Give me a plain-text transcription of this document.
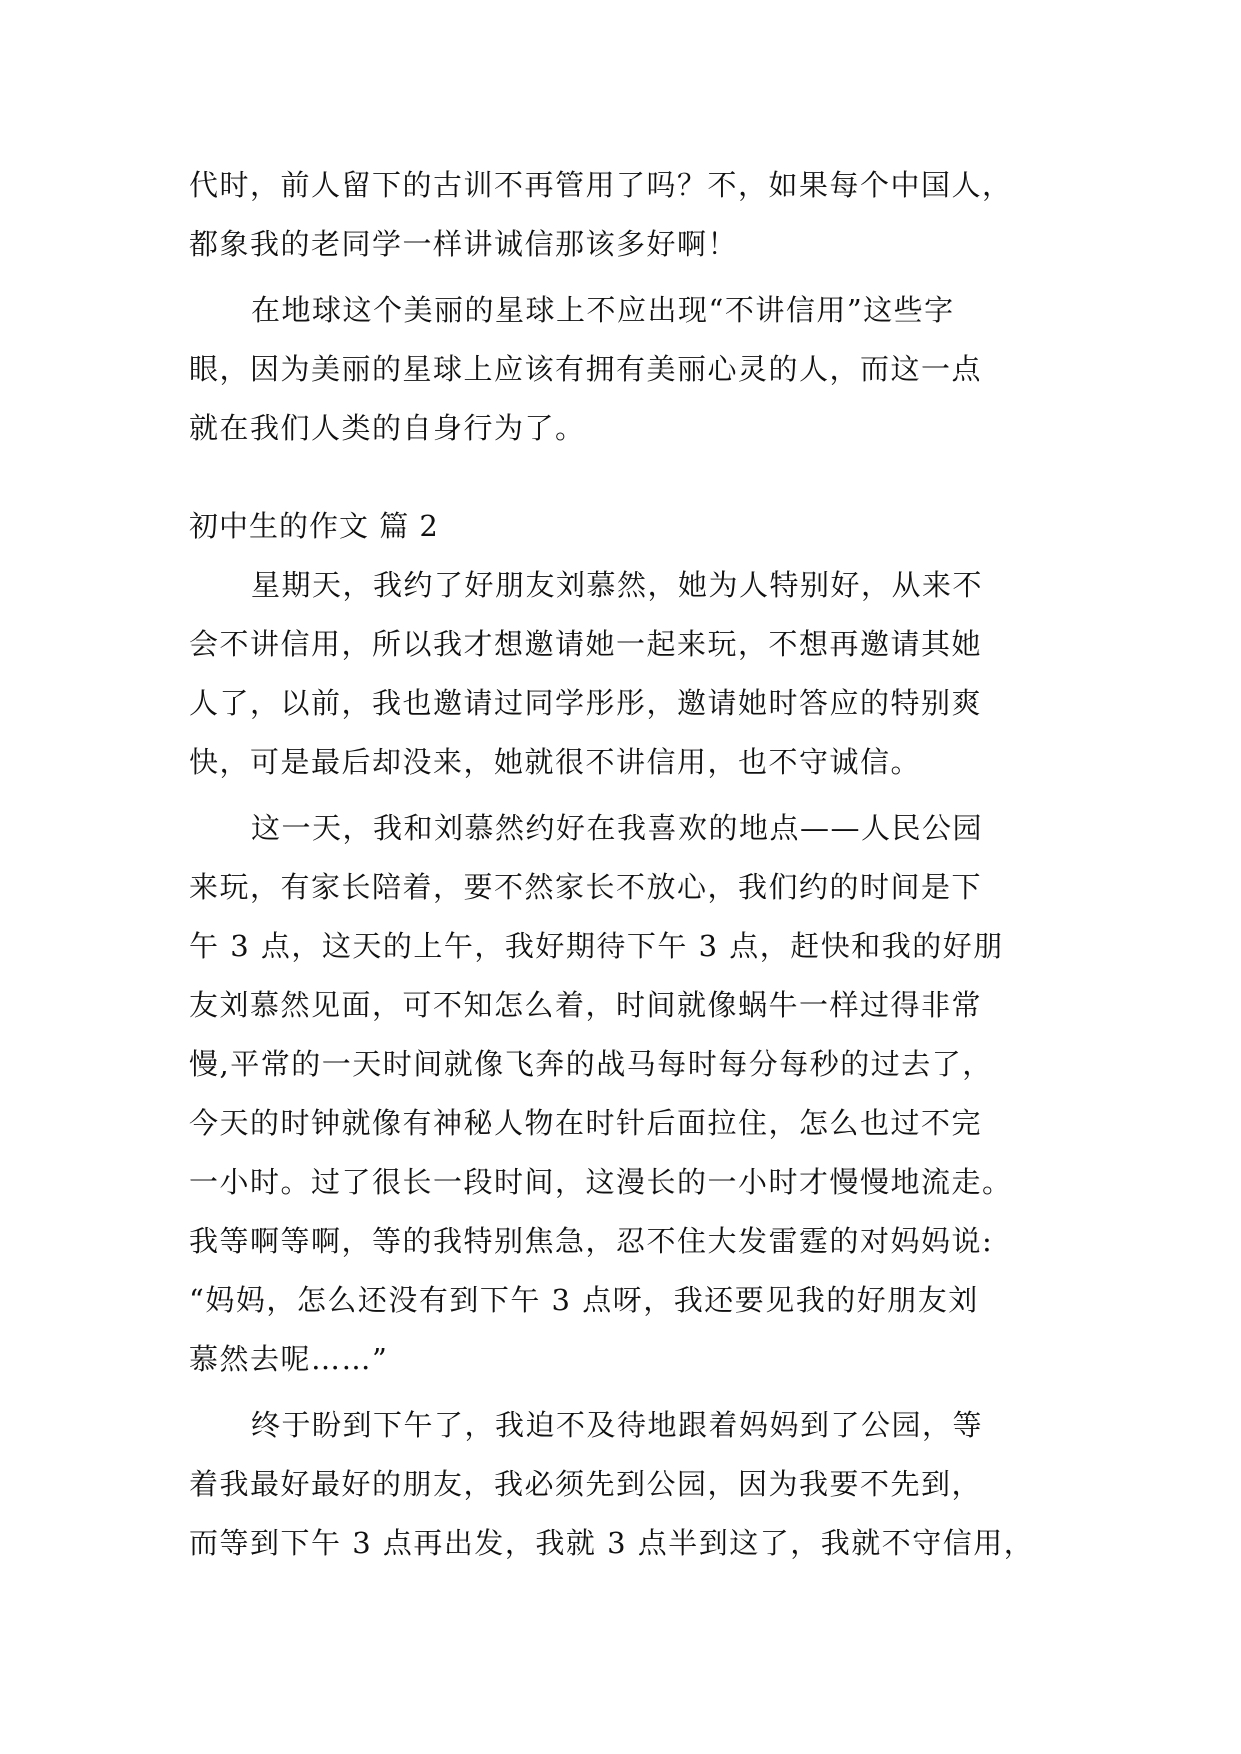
代时，前人留下的古训不再管用了吗？不，如果每个中国人，
都象我的老同学一样讲诚信那该多好啊！
在地球这个美丽的星球上不应出现“不讲信用”这些字
眼，因为美丽的星球上应该有拥有美丽心灵的人，而这一点
就在我们人类的自身行为了。
初中生的作文 篇 2
星期天，我约了好朋友刘慕然，她为人特别好，从来不
会不讲信用，所以我才想邀请她一起来玩，不想再邀请其她
人了，以前，我也邀请过同学彤彤，邀请她时答应的特别爽
快，可是最后却没来，她就很不讲信用，也不守诚信。
这一天，我和刘慕然约好在我喜欢的地点——人民公园
来玩，有家长陪着，要不然家长不放心，我们约的时间是下
午 3 点，这天的上午，我好期待下午 3 点，赶快和我的好朋
友刘慕然见面，可不知怎么着，时间就像蜗牛一样过得非常
慢,平常的一天时间就像飞奔的战马每时每分每秒的过去了，
今天的时钟就像有神秘人物在时针后面拉住，怎么也过不完
一小时。过了很长一段时间，这漫长的一小时才慢慢地流走。
我等啊等啊，等的我特别焦急，忍不住大发雷霆的对妈妈说:
“妈妈，怎么还没有到下午 3 点呀，我还要见我的好朋友刘
慕然去呢……”
终于盼到下午了，我迫不及待地跟着妈妈到了公园，等
着我最好最好的朋友，我必须先到公园，因为我要不先到，
而等到下午 3 点再出发，我就 3 点半到这了，我就不守信用，
